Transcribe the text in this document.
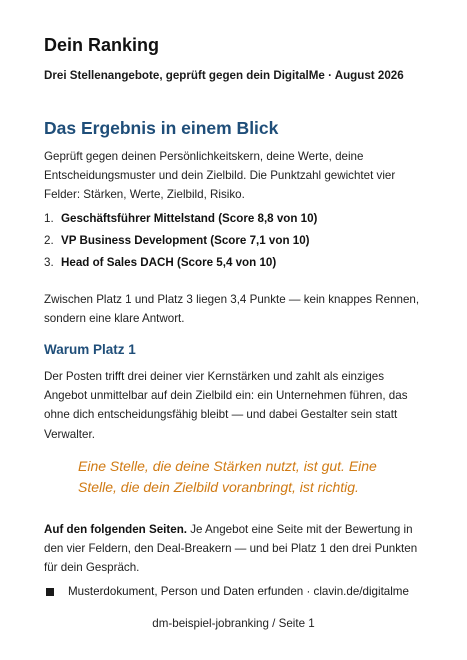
Dein Ranking
Drei Stellenangebote, geprüft gegen dein DigitalMe · August 2026
Das Ergebnis in einem Blick
Geprüft gegen deinen Persönlichkeitskern, deine Werte, deine Entscheidungsmuster und dein Zielbild. Die Punktzahl gewichtet vier Felder: Stärken, Werte, Zielbild, Risiko.
1. Geschäftsführer Mittelstand (Score 8,8 von 10)
2. VP Business Development (Score 7,1 von 10)
3. Head of Sales DACH (Score 5,4 von 10)
Zwischen Platz 1 und Platz 3 liegen 3,4 Punkte — kein knappes Rennen, sondern eine klare Antwort.
Warum Platz 1
Der Posten trifft drei deiner vier Kernstärken und zahlt als einziges Angebot unmittelbar auf dein Zielbild ein: ein Unternehmen führen, das ohne dich entscheidungsfähig bleibt — und dabei Gestalter sein statt Verwalter.
Eine Stelle, die deine Stärken nutzt, ist gut. Eine Stelle, die dein Zielbild voranbringt, ist richtig.
Auf den folgenden Seiten. Je Angebot eine Seite mit der Bewertung in den vier Feldern, den Deal-Breakern — und bei Platz 1 den drei Punkten für dein Gespräch.
Musterdokument, Person und Daten erfunden · clavin.de/digitalme
dm-beispiel-jobranking / Seite 1
